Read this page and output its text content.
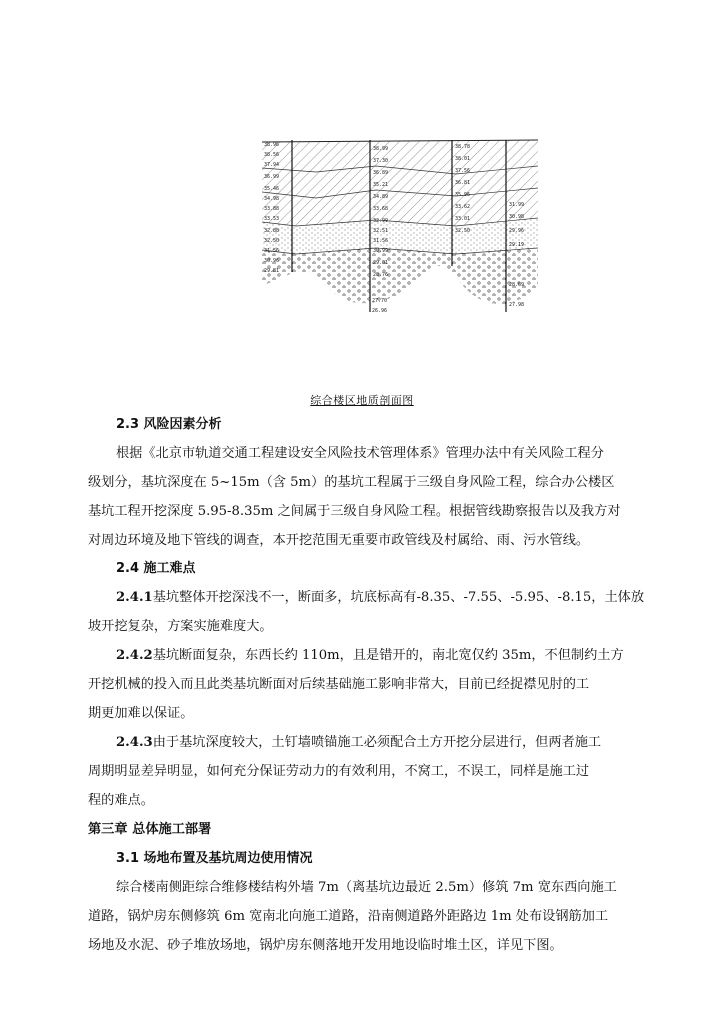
38.96
38.56
37.94
36.99
35.46
34.98
33.88
33.53
32.88
32.50
31.56
30.96
29.81
38.99
37.30
36.89
35.21
34.89
33.68
32.99
32.51
31.56
30.99
29.01
28.76
38.78
38.01
37.56
36.81
35.96
33.62
33.01
32.50
31.99
30.98
29.96
29.19
28.69
27.98
27.70
26.96
综合楼区地质剖面图
2.3 风险因素分析
根据《北京市轨道交通工程建设安全风险技术管理体系》管理办法中有关风险工程分
级划分，基坑深度在 5~15m（含 5m）的基坑工程属于三级自身风险工程，综合办公楼区
基坑工程开挖深度 5.95-8.35m 之间属于三级自身风险工程。根据管线勘察报告以及我方对
对周边环境及地下管线的调查，本开挖范围无重要市政管线及村属给、雨、污水管线。
2.4 施工难点
2.4.1基坑整体开挖深浅不一，断面多，坑底标高有-8.35、-7.55、-5.95、-8.15，土体放
坡开挖复杂，方案实施难度大。
2.4.2基坑断面复杂，东西长约 110m，且是错开的，南北宽仅约 35m，不但制约土方
开挖机械的投入而且此类基坑断面对后续基础施工影响非常大，目前已经捉襟见肘的工
期更加难以保证。
2.4.3由于基坑深度较大，土钉墙喷锚施工必须配合土方开挖分层进行，但两者施工
周期明显差异明显，如何充分保证劳动力的有效利用，不窝工，不误工，同样是施工过
程的难点。
第三章 总体施工部署
3.1 场地布置及基坑周边使用情况
综合楼南侧距综合维修楼结构外墙 7m（离基坑边最近 2.5m）修筑 7m 宽东西向施工
道路，锅炉房东侧修筑 6m 宽南北向施工道路，沿南侧道路外距路边 1m 处布设钢筋加工
场地及水泥、砂子堆放场地，锅炉房东侧落地开发用地设临时堆土区，详见下图。
